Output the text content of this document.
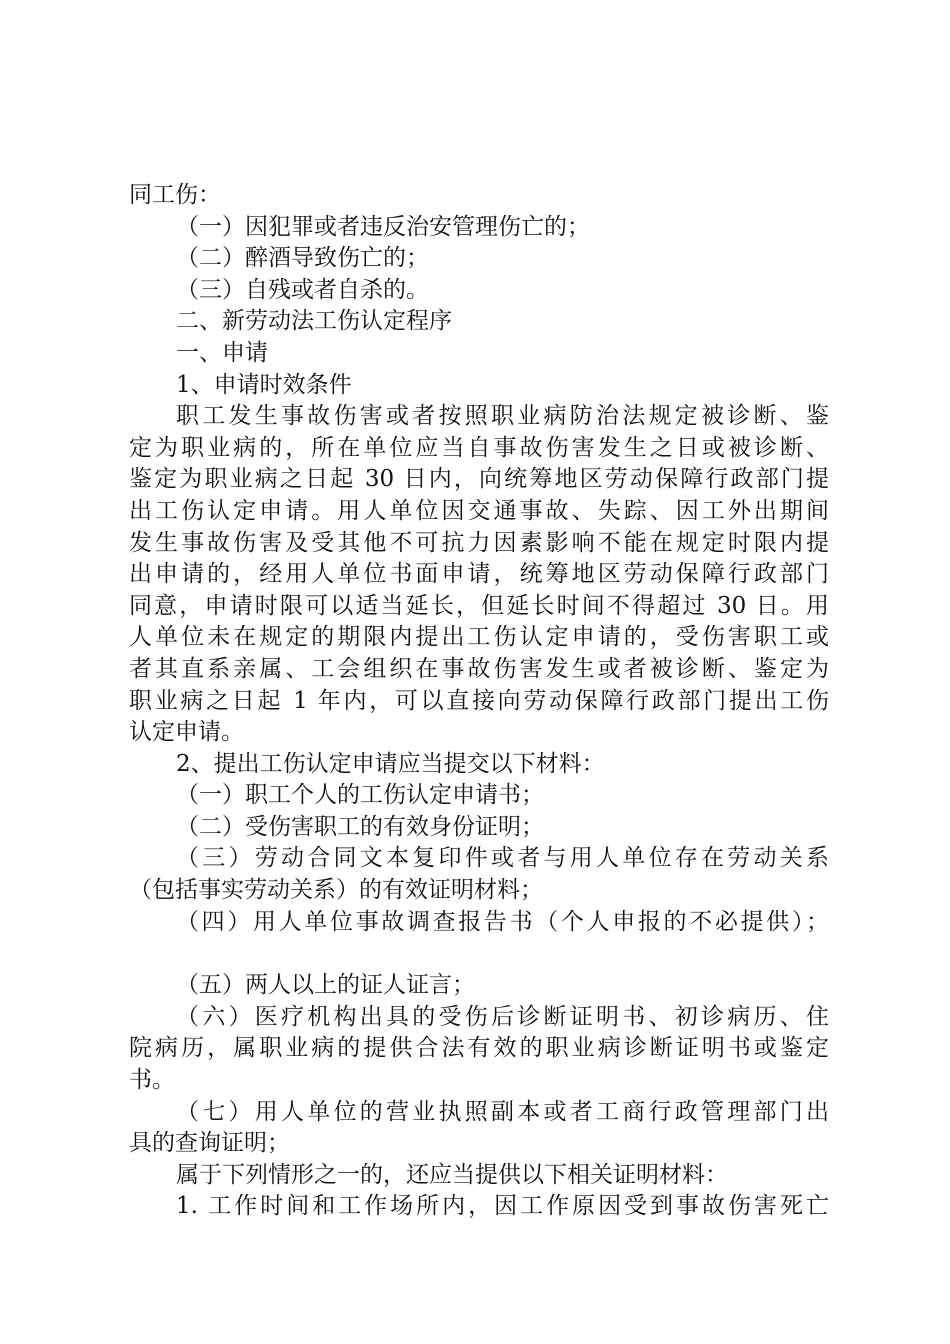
同工伤：
（一）因犯罪或者违反治安管理伤亡的；
（二）醉酒导致伤亡的；
（三）自残或者自杀的。
二、新劳动法工伤认定程序
一、申请
1、申请时效条件
职工发生事故伤害或者按照职业病防治法规定被诊断、鉴
定为职业病的，所在单位应当自事故伤害发生之日或被诊断、
鉴定为职业病之日起 30 日内，向统筹地区劳动保障行政部门提
出工伤认定申请。用人单位因交通事故、失踪、因工外出期间
发生事故伤害及受其他不可抗力因素影响不能在规定时限内提
出申请的，经用人单位书面申请，统筹地区劳动保障行政部门
同意，申请时限可以适当延长，但延长时间不得超过 30 日。用
人单位未在规定的期限内提出工伤认定申请的，受伤害职工或
者其直系亲属、工会组织在事故伤害发生或者被诊断、鉴定为
职业病之日起 1 年内，可以直接向劳动保障行政部门提出工伤
认定申请。
2、提出工伤认定申请应当提交以下材料：
（一）职工个人的工伤认定申请书；
（二）受伤害职工的有效身份证明；
（三）劳动合同文本复印件或者与用人单位存在劳动关系
（包括事实劳动关系）的有效证明材料；
（四）用人单位事故调查报告书（个人申报的不必提供）；
（五）两人以上的证人证言；
（六）医疗机构出具的受伤后诊断证明书、初诊病历、住
院病历，属职业病的提供合法有效的职业病诊断证明书或鉴定
书。
（七）用人单位的营业执照副本或者工商行政管理部门出
具的查询证明；
属于下列情形之一的，还应当提供以下相关证明材料：
1. 工作时间和工作场所内，因工作原因受到事故伤害死亡
